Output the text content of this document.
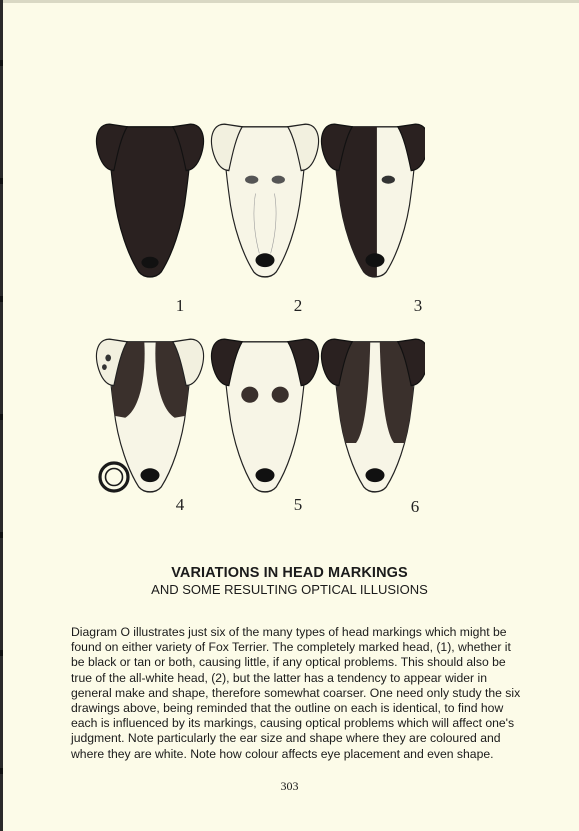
1	2	3
4	5	6
VARIATIONS IN HEAD MARKINGS
AND SOME RESULTING OPTICAL ILLUSIONS
Diagram O illustrates just six of the many types of head markings which might be found on either variety of Fox Terrier. The completely marked head, (1), whether it be black or tan or both, causing little, if any optical problems. This should also be true of the all-white head, (2), but the latter has a tendency to appear wider in general make and shape, therefore somewhat coarser. One need only study the six drawings above, being reminded that the outline on each is identical, to find how each is influenced by its markings, causing optical problems which will affect one's judgment. Note particularly the ear size and shape where they are coloured and where they are white. Note how colour affects eye placement and even shape.
303
